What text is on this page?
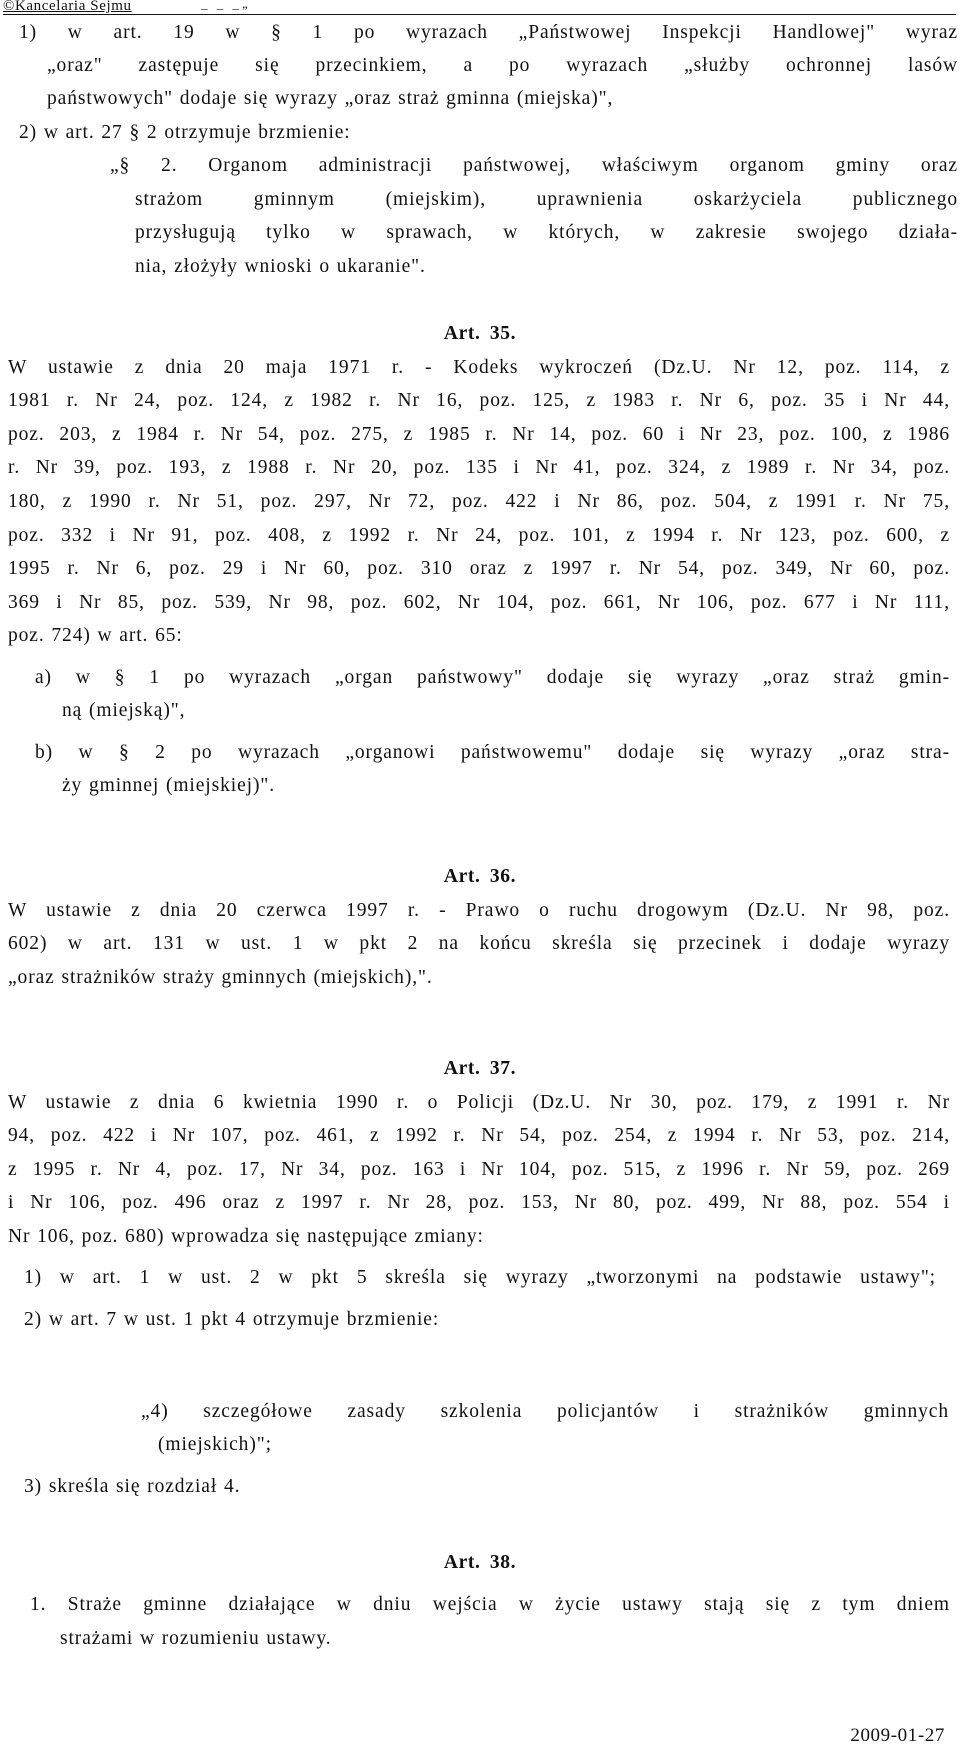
©Kancelaria Sejmu	_ _ _„
1) w art. 19 w § 1 po wyrazach „Państwowej Inspekcji Handlowej" wyraz
„oraz" zastępuje się przecinkiem, a po wyrazach „służby ochronnej lasów
państwowych" dodaje się wyrazy „oraz straż gminna (miejska)",
2) w art. 27 § 2 otrzymuje brzmienie:
„§ 2. Organom administracji państwowej, właściwym organom gminy oraz
strażom gminnym (miejskim), uprawnienia oskarżyciela publicznego
przysługują tylko w sprawach, w których, w zakresie swojego działa-
nia, złożyły wnioski o ukaranie".
Art. 35.
W ustawie z dnia 20 maja 1971 r. - Kodeks wykroczeń (Dz.U. Nr 12, poz. 114, z
1981 r. Nr 24, poz. 124, z 1982 r. Nr 16, poz. 125, z 1983 r. Nr 6, poz. 35 i Nr 44,
poz. 203, z 1984 r. Nr 54, poz. 275, z 1985 r. Nr 14, poz. 60 i Nr 23, poz. 100, z 1986
r. Nr 39, poz. 193, z 1988 r. Nr 20, poz. 135 i Nr 41, poz. 324, z 1989 r. Nr 34, poz.
180, z 1990 r. Nr 51, poz. 297, Nr 72, poz. 422 i Nr 86, poz. 504, z 1991 r. Nr 75,
poz. 332 i Nr 91, poz. 408, z 1992 r. Nr 24, poz. 101, z 1994 r. Nr 123, poz. 600, z
1995 r. Nr 6, poz. 29 i Nr 60, poz. 310 oraz z 1997 r. Nr 54, poz. 349, Nr 60, poz.
369 i Nr 85, poz. 539, Nr 98, poz. 602, Nr 104, poz. 661, Nr 106, poz. 677 i Nr 111,
poz. 724) w art. 65:
a) w § 1 po wyrazach „organ państwowy" dodaje się wyrazy „oraz straż gmin-
ną (miejską)",
b) w § 2 po wyrazach „organowi państwowemu" dodaje się wyrazy „oraz stra-
ży gminnej (miejskiej)".
Art. 36.
W ustawie z dnia 20 czerwca 1997 r. - Prawo o ruchu drogowym (Dz.U. Nr 98, poz.
602) w art. 131 w ust. 1 w pkt 2 na końcu skreśla się przecinek i dodaje wyrazy
„oraz strażników straży gminnych (miejskich),".
Art. 37.
W ustawie z dnia 6 kwietnia 1990 r. o Policji (Dz.U. Nr 30, poz. 179, z 1991 r. Nr
94, poz. 422 i Nr 107, poz. 461, z 1992 r. Nr 54, poz. 254, z 1994 r. Nr 53, poz. 214,
z 1995 r. Nr 4, poz. 17, Nr 34, poz. 163 i Nr 104, poz. 515, z 1996 r. Nr 59, poz. 269
i Nr 106, poz. 496 oraz z 1997 r. Nr 28, poz. 153, Nr 80, poz. 499, Nr 88, poz. 554 i
Nr 106, poz. 680) wprowadza się następujące zmiany:
1) w art. 1 w ust. 2 w pkt 5 skreśla się wyrazy „tworzonymi na podstawie ustawy";
2) w art. 7 w ust. 1 pkt 4 otrzymuje brzmienie:
„4) szczegółowe zasady szkolenia policjantów i strażników gminnych
(miejskich)";
3) skreśla się rozdział 4.
Art. 38.
1. Straże gminne działające w dniu wejścia w życie ustawy stają się z tym dniem
strażami w rozumieniu ustawy.
2009-01-27
